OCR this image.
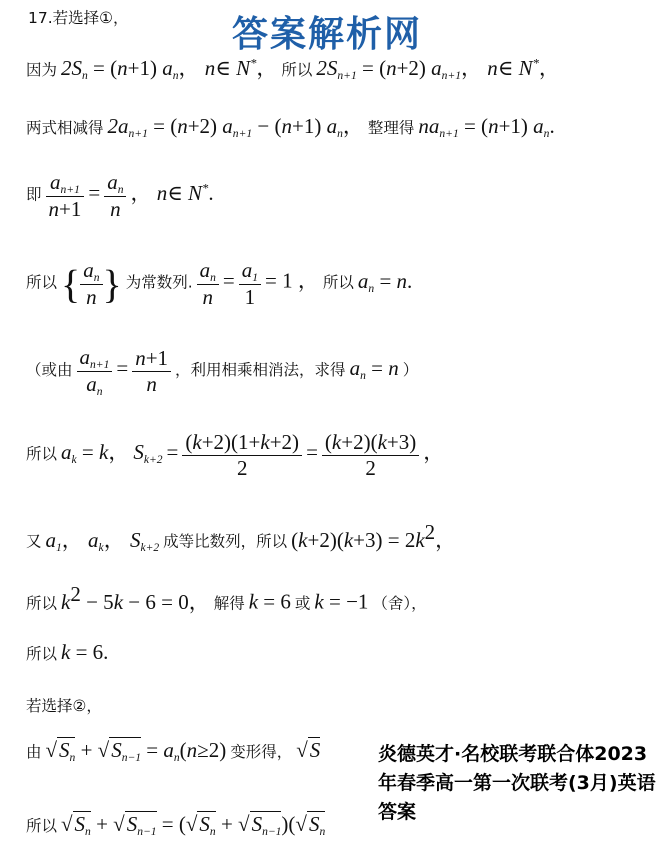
答案解析网
17.若选择①，
因为 $2S_n = (n+1)$ $a_n$， n∈ N*， 所以 $2S_{n+1} = (n+2)$ $a_{n+1}$， n∈ N*，
两式相减得 $2a_{n+1} = (n+2) a_{n+1} - (n+1)$ $a_n$， 整理得 $na_{n+1} = (n+1)$ $a_n$.
即 $\frac{a_{n+1}}{n+1} = \frac{a_n}{n}$ ， n∈ N*.
所以 { $\frac{a_n}{n}$ } 为常数列. $\frac{a_n}{n} = \frac{a_1}{1} = 1$ ， 所以 $a_n = n$.
（或由 $\frac{a_{n+1}}{a_n} = \frac{n+1}{n}$ ，利用相乘相消法，求得 $a_n = n$ ）
所以 $a_k = k$， $S_{k+2} = \frac{(k+2)(1+k+2)}{2} = \frac{(k+2)(k+3)}{2}$ ，
又 $a_1$， $a_k$， $S_{k+2}$ 成等比数列，所以 $(k+2)(k+3) = 2k^2$，
所以 $k^2 - 5k - 6 = 0$， 解得 k = 6 或 k = −1 （舍），
所以 k = 6.
若选择②，
由 $√S_n + √S_{n-1} = a_n(n\ge 2)$ 变形得， √S
所以 $√S_n + √S_{n-1} = (√S_n + √S_{n-1})(√S_n$
炎德英才·名校联考联合体2023年春季高一第一次联考(3月)英语答案
